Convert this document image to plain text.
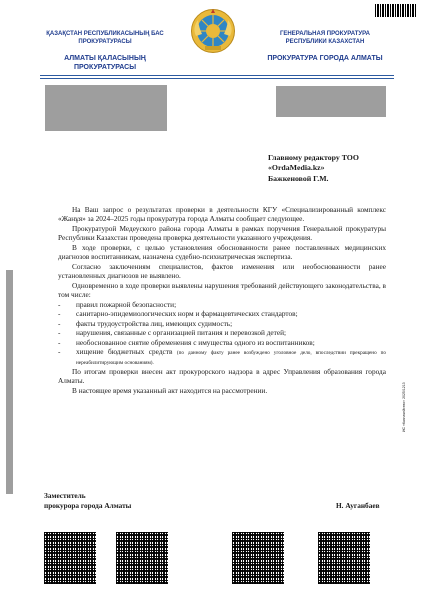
ҚАЗАҚСТАН РЕСПУБЛИКАСЫНЫҢ БАС ПРОКУРАТУРАСЫ
АЛМАТЫ ҚАЛАСЫНЫҢ ПРОКУРАТУРАСЫ
ГЕНЕРАЛЬНАЯ ПРОКУРАТУРА РЕСПУБЛИКИ КАЗАХСТАН
ПРОКУРАТУРА ГОРОДА АЛМАТЫ
Главному редактору ТОО
«OrdaMedia.kz»
Бажкеновой Г.М.

На Ваш запрос о результатах проверки в деятельности КГУ «Специализированный комплекс «Жанұя» за 2024–2025 годы прокуратура города Алматы сообщает следующее.

Прокуратурой Медеуского района города Алматы в рамках поручения Генеральной прокуратуры Республики Казахстан проведена проверка деятельности указанного учреждения.

В ходе проверки, с целью установления обоснованности ранее поставленных медицинских диагнозов воспитанникам, назначена судебно-психиатрическая экспертиза.

Согласно заключениям специалистов, фактов изменения или необоснованности ранее установленных диагнозов не выявлено.

Одновременно в ходе проверки выявлены нарушения требований действующего законодательства, в том числе:

- правил пожарной безопасности;
- санитарно-эпидемиологических норм и фармацевтических стандартов;
- факты трудоустройства лиц, имеющих судимость;
- нарушения, связанные с организацией питания и перевозкой детей;
- необоснованное снятие обременения с имущества одного из воспитанников;
- хищение бюджетных средств (по данному факту ранее возбуждено уголовное дело, впоследствии прекращено по нереабилитирующим основаниям).

По итогам проверки внесен акт прокурорского надзора в адрес Управления образования города Алматы.

В настоящее время указанный акт находится на рассмотрении.	ИС «Казначейство» 2025/1213
Заместитель
прокурора города Алматы	Н. Ауганбаев
